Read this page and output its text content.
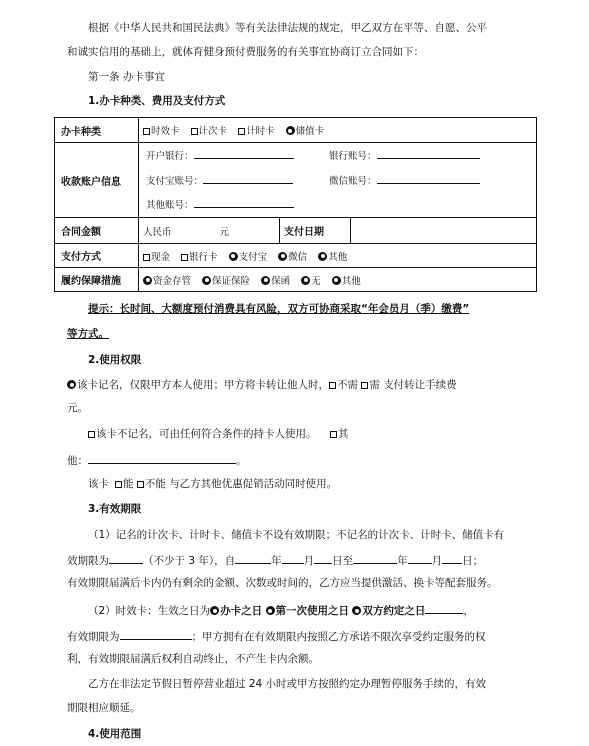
根据《中华人民共和国民法典》等有关法律法规的规定，甲乙双方在平等、自愿、公平
和诚实信用的基础上，就体育健身预付费服务的有关事宜协商订立合同如下：
第一条 办卡事宜
1.办卡种类、费用及支付方式
办卡种类	时效卡 计次卡 计时卡 储值卡		
收款账户信息	开户银行： 银行账号：
支付宝账号： 微信账号：
其他账号：		

合同金额	人民币 元	支付日期	
支付方式	现金 银行卡 支付宝 微信 其他		
履约保障措施	资金存管 保证保险 保函 无 其他		
提示：长时间、大额度预付消费具有风险，双方可协商采取“年会员月（季）缴费”
等方式。
2.使用权限
该卡记名，仅限甲方本人使用；甲方将卡转让他人时， 不需 需 支付转让手续费
元。
该卡不记名，可由任何符合条件的持卡人使用。 其
他：	。
该卡 能 不能 与乙方其他优惠促销活动同时使用。
3.有效期限
（1）记名的计次卡、计时卡、储值卡不设有效期限；不记名的计次卡、计时卡、储值卡有
效期限为	（不少于 3 年），自	年 月 日至	年 月 日；
有效期限届满后卡内仍有剩余的金额、次数或时间的，乙方应当提供激活、换卡等配套服务。
（2）时效卡：生效之日为 办卡之日 第一次使用之日 双方约定之日	，
有效期限为	；甲方拥有在有效期限内按照乙方承诺不限次享受约定服务的权
利，有效期限届满后权利自动终止，不产生卡内余额。
乙方在非法定节假日暂停营业超过 24 小时或甲方按照约定办理暂停服务手续的，有效
期限相应顺延。
4.使用范围
